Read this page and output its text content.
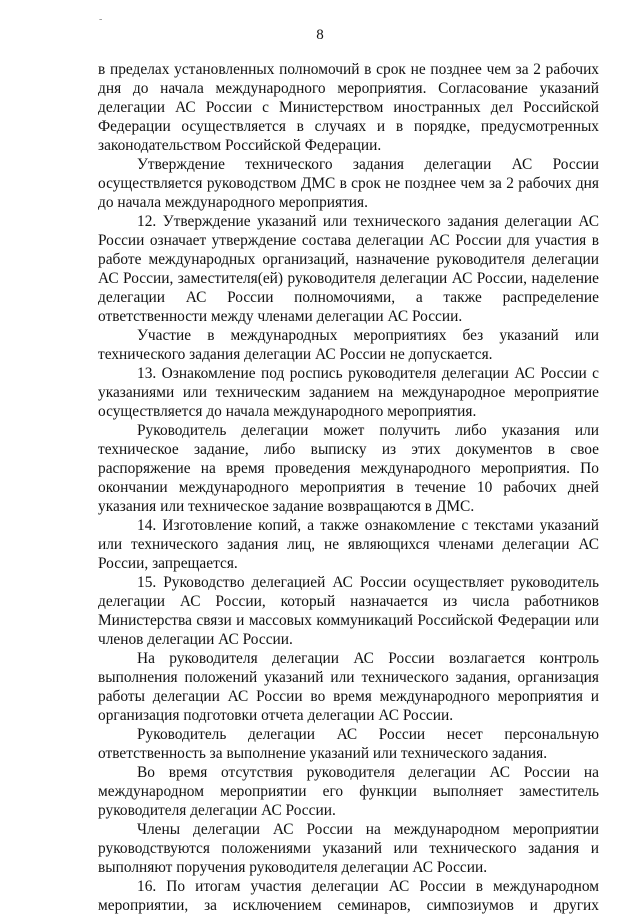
-
8

в пределах установленных полномочий в срок не позднее чем за 2 рабочих дня до начала международного мероприятия. Согласование указаний делегации АС России с Министерством иностранных дел Российской Федерации осуществляется в случаях и в порядке, предусмотренных законодательством Российской Федерации.

Утверждение технического задания делегации АС России осуществляется руководством ДМС в срок не позднее чем за 2 рабочих дня до начала международного мероприятия.

12. Утверждение указаний или технического задания делегации АС России означает утверждение состава делегации АС России для участия в работе международных организаций, назначение руководителя делегации АС России, заместителя(ей) руководителя делегации АС России, наделение делегации АС России полномочиями, а также распределение ответственности между членами делегации АС России.

Участие в международных мероприятиях без указаний или технического задания делегации АС России не допускается.

13. Ознакомление под роспись руководителя делегации АС России с указаниями или техническим заданием на международное мероприятие осуществляется до начала международного мероприятия.

Руководитель делегации может получить либо указания или техническое задание, либо выписку из этих документов в свое распоряжение на время проведения международного мероприятия. По окончании международного мероприятия в течение 10 рабочих дней указания или техническое задание возвращаются в ДМС.

14. Изготовление копий, а также ознакомление с текстами указаний или технического задания лиц, не являющихся членами делегации АС России, запрещается.

15. Руководство делегацией АС России осуществляет руководитель делегации АС России, который назначается из числа работников Министерства связи и массовых коммуникаций Российской Федерации или членов делегации АС России.

На руководителя делегации АС России возлагается контроль выполнения положений указаний или технического задания, организация работы делегации АС России во время международного мероприятия и организация подготовки отчета делегации АС России.

Руководитель делегации АС России несет персональную ответственность за выполнение указаний или технического задания.

Во время отсутствия руководителя делегации АС России на международном мероприятии его функции выполняет заместитель руководителя делегации АС России.

Члены делегации АС России на международном мероприятии руководствуются положениями указаний или технического задания и выполняют поручения руководителя делегации АС России.

16. По итогам участия делегации АС России в международном мероприятии, за исключением семинаров, симпозиумов и других
